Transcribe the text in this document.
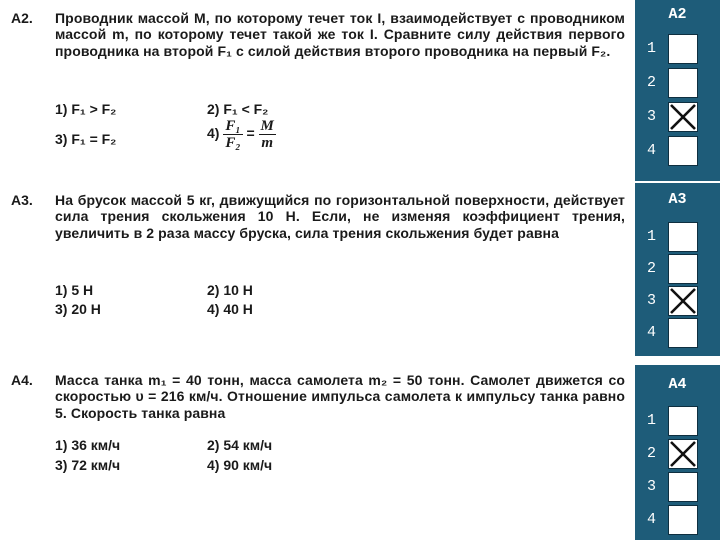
А2. Проводник массой M, по которому течет ток I, взаимодействует с проводником массой m, по которому течет такой же ток I. Сравните силу действия первого проводника на второй F₁ с силой действия второго проводника на первый F₂.
1) F₁ > F₂	2) F₁ < F₂
3) F₁ = F₂	$4) \frac{\text{F₁}}{\text{F₂}} = \frac{M}{m}$
А3. На брусок массой 5 кг, движущийся по горизонтальной поверхности, действует сила трения скольжения 10 Н. Если, не изменяя коэффициент трения, увеличить в 2 раза массу бруска, сила трения скольжения будет равна
1) 5 Н	2) 10 Н
3) 20 Н	4) 40 Н
А4. Масса танка m₁ = 40 тонн, масса самолета m₂ = 50 тонн. Самолет движется со скоростью υ = 216 км/ч. Отношение импульса самолета к импульсу танка равно 5. Скорость танка равна
1) 36 км/ч	2) 54 км/ч
3) 72 км/ч	4) 90 км/ч
А2
1
2
3
4
А3
1
2
3
4
А4
1
2
3
4
